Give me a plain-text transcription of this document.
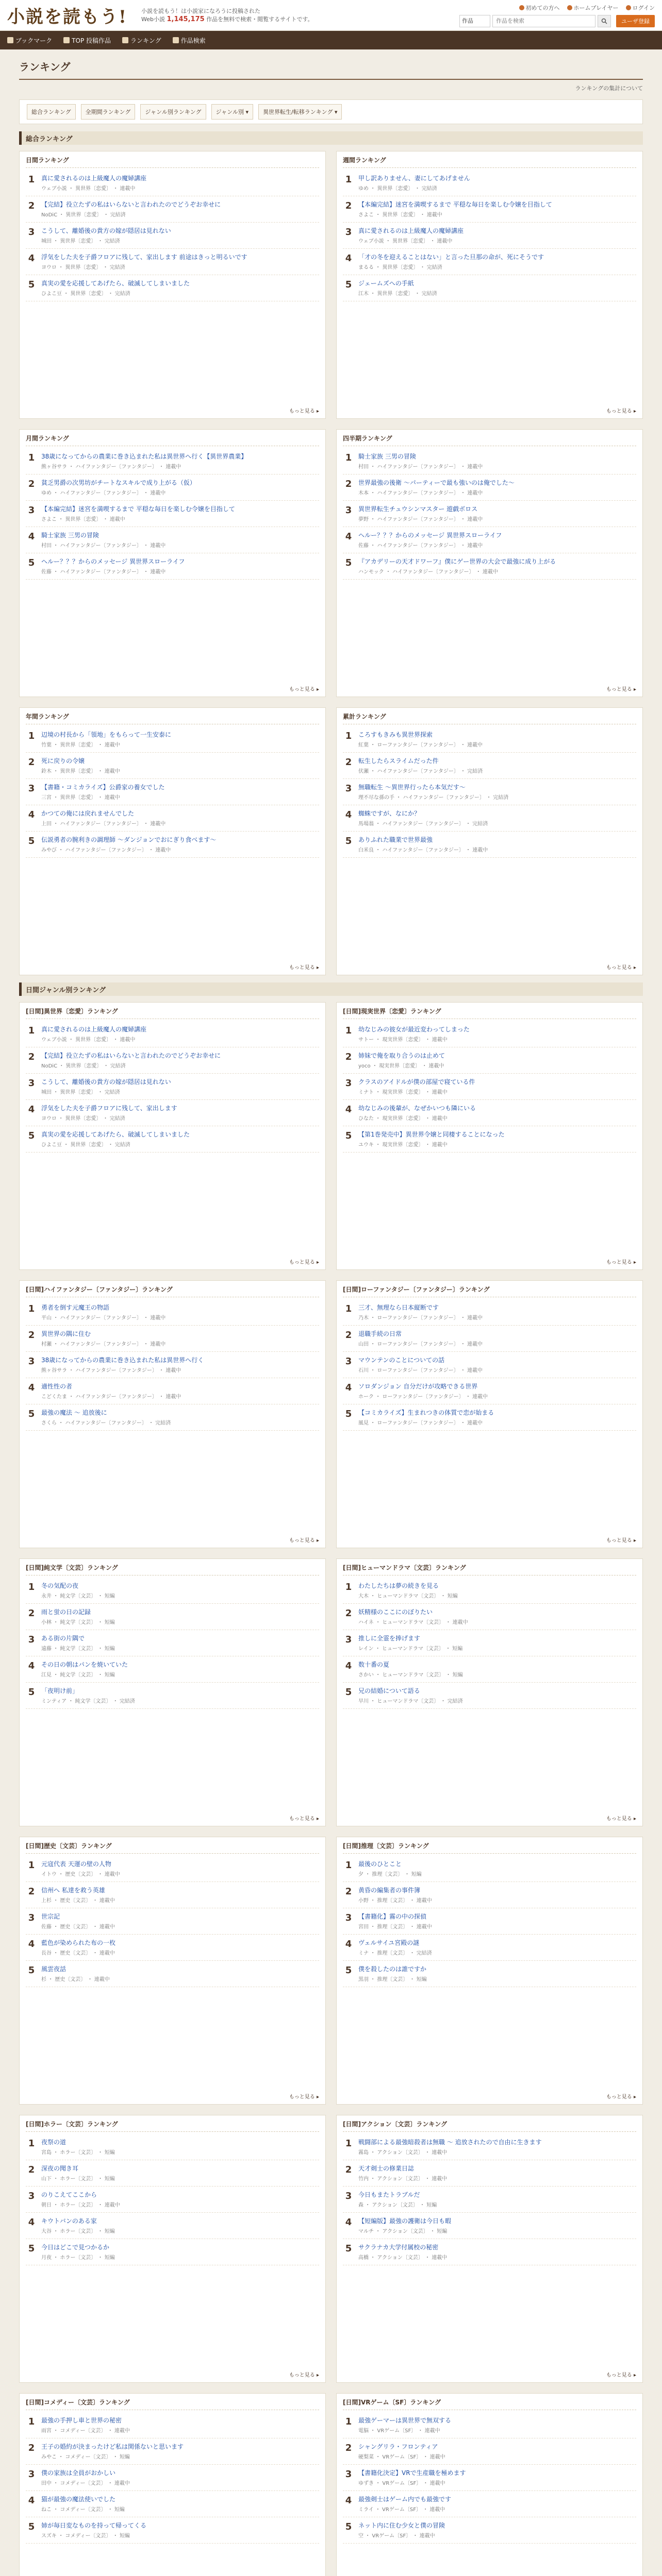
小説を読もう!	小説を読もう！は小説家になろうに投稿された
Web小説 1,145,175 作品を無料で検索・閲覧するサイトです。
初めての方へ ホームプレイヤー ログイン
作品
作品を検索	ユーザ登録
ブックマーク	TOP 投稿作品	ランキング	作品検索
ランキング
ランキングの集計について
総合ランキング	全期間ランキング	ジャンル別ランキング	ジャンル別 ▾	異世界転生/転移ランキング ▾
総合ランキング
日間ランキング
1	真に愛されるのは上級魔人の魔婦講座
ウェブ小説 ・ 異世界〔恋愛〕 ・ 連載中
2	【完結】役立たずの私はいらないと言われたのでどうぞお幸せに
NoDiC ・ 異世界〔恋愛〕 ・ 完結済
3	こうして、離婚後の貴方の嫁が隠居は見れない
城田 ・ 異世界〔恋愛〕 ・ 完結済
4	浮気をした夫を子爵フロアに残して、家出します 前途はきっと明るいです
ヨウロ ・ 異世界〔恋愛〕 ・ 完結済
5	真実の愛を応援してあげたら、破滅してしまいました
ひよこ豆 ・ 異世界〔恋愛〕 ・ 完結済
もっと見る ▸
週間ランキング
1	甲し訳ありません、妻にしてあげません
ゆめ ・ 異世界〔恋愛〕 ・ 完結済
2	【本編完結】迷宮を満喫するまで 平穏な毎日を楽しむ令嬢を目指して
さよこ ・ 異世界〔恋愛〕 ・ 連載中
3	真に愛されるのは上級魔人の魔婦講座
ウェブ小説 ・ 異世界〔恋愛〕 ・ 連載中
4	「才の冬を迎えることはない」と言った旦那の命が、死にそうです
まるる ・ 異世界〔恋愛〕 ・ 完結済
5	ジェームズへの手紙
江木 ・ 異世界〔恋愛〕 ・ 完結済
もっと見る ▸
月間ランキング
1	38歳になってからの農業に巻き込まれた私は異世界へ行く【異世界農業】
熊ヶ谷サラ ・ ハイファンタジー〔ファンタジー〕 ・ 連載中
2	貧乏男爵の次男坊がチートなスキルで成り上がる（仮）
ゆめ ・ ハイファンタジー〔ファンタジー〕 ・ 連載中
3	【本編完結】迷宮を満喫するまで 平穏な毎日を楽しむ令嬢を目指して
さよこ ・ 異世界〔恋愛〕 ・ 連載中
4	騎士家族 三男の冒険
村田 ・ ハイファンタジー〔ファンタジー〕 ・ 連載中
5	ヘルー？？？からのメッセージ 異世界スローライフ
佐藤 ・ ハイファンタジー〔ファンタジー〕 ・ 連載中
もっと見る ▸
四半期ランキング
1	騎士家族 三男の冒険
村田 ・ ハイファンタジー〔ファンタジー〕 ・ 連載中
2	世界最強の後衛 〜パーティーで最も強いのは俺でした〜
木本 ・ ハイファンタジー〔ファンタジー〕 ・ 連載中
3	異世界転生チュウシンマスター 遊戯ボロス
夢野 ・ ハイファンタジー〔ファンタジー〕 ・ 連載中
4	ヘルー？？？からのメッセージ 異世界スローライフ
佐藤 ・ ハイファンタジー〔ファンタジー〕 ・ 連載中
5	『アカデリーの天才ドワーフ』僕にゲー世界の大会で最強に成り上がる
ハンモック ・ ハイファンタジー〔ファンタジー〕 ・ 連載中
もっと見る ▸
年間ランキング
1	辺境の村長から「領地」をもらって一生安泰に
竹葉 ・ 異世界〔恋愛〕 ・ 連載中
2	死に戻りの令嬢
鈴木 ・ 異世界〔恋愛〕 ・ 連載中
3	【書籍・コミカライズ】公爵家の養女でした
三宮 ・ 異世界〔恋愛〕 ・ 連載中
4	かつての俺には戻れませんでした
上田 ・ ハイファンタジー〔ファンタジー〕 ・ 連載中
5	伝説勇者の腕利きの調理師 〜ダンジョンでおにぎり食べます〜
みやび ・ ハイファンタジー〔ファンタジー〕 ・ 連載中
もっと見る ▸
累計ランキング
1	ころすもきみも異世界探索
紅葉 ・ ローファンタジー〔ファンタジー〕 ・ 連載中
2	転生したらスライムだった件
伏瀬 ・ ハイファンタジー〔ファンタジー〕 ・ 完結済
3	無職転生 〜異世界行ったら本気だす〜
理不尽な孫の手 ・ ハイファンタジー〔ファンタジー〕 ・ 完結済
4	蜘蛛ですが、なにか？
馬場翁 ・ ハイファンタジー〔ファンタジー〕 ・ 完結済
5	ありふれた職業で世界最強
白米良 ・ ハイファンタジー〔ファンタジー〕 ・ 連載中
もっと見る ▸
日間ジャンル別ランキング
[日間]異世界〔恋愛〕ランキング
1	真に愛されるのは上級魔人の魔婦講座
ウェブ小説 ・ 異世界〔恋愛〕 ・ 連載中
2	【完結】役立たずの私はいらないと言われたのでどうぞお幸せに
NoDiC ・ 異世界〔恋愛〕 ・ 完結済
3	こうして、離婚後の貴方の嫁が隠居は見れない
城田 ・ 異世界〔恋愛〕 ・ 完結済
4	浮気をした夫を子爵フロアに残して、家出します
ヨウロ ・ 異世界〔恋愛〕 ・ 完結済
5	真実の愛を応援してあげたら、破滅してしまいました
ひよこ豆 ・ 異世界〔恋愛〕 ・ 完結済
もっと見る ▸
[日間]現実世界〔恋愛〕ランキング
1	幼なじみの彼女が最近変わってしまった
サトー ・ 現実世界〔恋愛〕 ・ 連載中
2	姉妹で俺を取り合うのは止めて
yoco ・ 現実世界〔恋愛〕 ・ 連載中
3	クラスのアイドルが僕の部屋で寝ている件
ミナト ・ 現実世界〔恋愛〕 ・ 連載中
4	幼なじみの後輩が、なぜかいつも隣にいる
ひなた ・ 現実世界〔恋愛〕 ・ 連載中
5	【第1巻発売中】異世界令嬢と同棲することになった
ユウキ ・ 現実世界〔恋愛〕 ・ 連載中
もっと見る ▸
[日間]ハイファンタジー〔ファンタジー〕ランキング
1	勇者を倒す元魔王の物語
平山 ・ ハイファンタジー〔ファンタジー〕 ・ 連載中
2	異世界の隅に住む
村瀬 ・ ハイファンタジー〔ファンタジー〕 ・ 連載中
3	38歳になってからの農業に巻き込まれた私は異世界へ行く
熊ヶ谷サラ ・ ハイファンタジー〔ファンタジー〕 ・ 連載中
4	適性性の者
こどくたま ・ ハイファンタジー〔ファンタジー〕 ・ 連載中
5	最強の魔法 〜 追放後に
さくら ・ ハイファンタジー〔ファンタジー〕 ・ 完結済
もっと見る ▸
[日間]ローファンタジー〔ファンタジー〕ランキング
1	三才、無理なら日本縦断です
乃木 ・ ローファンタジー〔ファンタジー〕 ・ 連載中
2	退職手続の日常
山田 ・ ローファンタジー〔ファンタジー〕 ・ 連載中
3	マウンテンのことについての話
石川 ・ ローファンタジー〔ファンタジー〕 ・ 連載中
4	ソロダンジョン 自分だけが攻略できる世界
ホーク ・ ローファンタジー〔ファンタジー〕 ・ 連載中
5	【コミカライズ】生まれつきの体質で恋が始まる
風見 ・ ローファンタジー〔ファンタジー〕 ・ 連載中
もっと見る ▸
[日間]純文学〔文芸〕ランキング
1	冬の気配の夜
永井 ・ 純文学〔文芸〕 ・ 短編
2	雨と蛍の日の記録
小林 ・ 純文学〔文芸〕 ・ 短編
3	ある街の片隅で
遠藤 ・ 純文学〔文芸〕 ・ 短編
4	その日の朝はパンを焼いていた
江見 ・ 純文学〔文芸〕 ・ 短編
5	「夜明け前」
ミンティア ・ 純文学〔文芸〕 ・ 完結済
もっと見る ▸
[日間]ヒューマンドラマ〔文芸〕ランキング
1	わたしたちは夢の続きを見る
大木 ・ ヒューマンドラマ〔文芸〕 ・ 短編
2	妖精様のここにのぼりたい
ハイネ ・ ヒューマンドラマ〔文芸〕 ・ 連載中
3	推しに全霊を捧げます
レイン ・ ヒューマンドラマ〔文芸〕 ・ 短編
4	数十番の夏
さかい ・ ヒューマンドラマ〔文芸〕 ・ 短編
5	兄の結婚について語る
早川 ・ ヒューマンドラマ〔文芸〕 ・ 完結済
もっと見る ▸
[日間]歴史〔文芸〕ランキング
1	元寇代表 天運の壁の人物
イトウ ・ 歴史〔文芸〕 ・ 連載中
2	信州へ 私達を救う英雄
上杉 ・ 歴史〔文芸〕 ・ 連載中
3	世宗記
佐藤 ・ 歴史〔文芸〕 ・ 連載中
4	藍色が染められた布の一枚
長谷 ・ 歴史〔文芸〕 ・ 連載中
5	風雲夜話
杉 ・ 歴史〔文芸〕 ・ 連載中
もっと見る ▸
[日間]推理〔文芸〕ランキング
1	最後のひとこと
夕 ・ 推理〔文芸〕 ・ 短編
2	黄昏の編集者の事件簿
小野 ・ 推理〔文芸〕 ・ 連載中
3	【書籍化】霧の中の探偵
宮田 ・ 推理〔文芸〕 ・ 連載中
4	ヴェルサイユ宮殿の謎
ミナ ・ 推理〔文芸〕 ・ 完結済
5	僕を殺したのは誰ですか
黒羽 ・ 推理〔文芸〕 ・ 短編
もっと見る ▸
[日間]ホラー〔文芸〕ランキング
1	夜祭の道
宮島 ・ ホラー〔文芸〕 ・ 短編
2	深夜の聞き耳
山下 ・ ホラー〔文芸〕 ・ 短編
3	のりこえてここから
朝日 ・ ホラー〔文芸〕 ・ 連載中
4	キウトバンのある家
大谷 ・ ホラー〔文芸〕 ・ 短編
5	今日はどこで見つかるか
月夜 ・ ホラー〔文芸〕 ・ 短編
もっと見る ▸
[日間]アクション〔文芸〕ランキング
1	戦闘部による最強暗殺者は無職 〜 追放されたので自由に生きます
霧島 ・ アクション〔文芸〕 ・ 連載中
2	天才剣士の修業日誌
竹内 ・ アクション〔文芸〕 ・ 連載中
3	今日もまたトラブルだ
森 ・ アクション〔文芸〕 ・ 短編
4	【短編版】最強の護衛は今日も暇
マルチ ・ アクション〔文芸〕 ・ 短編
5	サクラナカ大学付属校の秘密
高橋 ・ アクション〔文芸〕 ・ 連載中
もっと見る ▸
[日間]コメディー〔文芸〕ランキング
1	最強の手押し車と世界の秘密
雨宮 ・ コメディー〔文芸〕 ・ 連載中
2	王子の婚約が決まったけど私は関係ないと思います
みやこ ・ コメディー〔文芸〕 ・ 短編
3	僕の家族は全員がおかしい
田中 ・ コメディー〔文芸〕 ・ 連載中
4	猫が最強の魔法使いでした
ねこ ・ コメディー〔文芸〕 ・ 短編
5	姉が毎日変なものを持って帰ってくる
スズキ ・ コメディー〔文芸〕 ・ 短編
[日間]VRゲーム〔SF〕ランキング
1	最強ゲーマーは異世界で無双する
電脳 ・ VRゲーム〔SF〕 ・ 連載中
2	シャングリラ・フロンティア
硬梨菜 ・ VRゲーム〔SF〕 ・ 連載中
3	【書籍化決定】VRで生産職を極めます
ゆずき ・ VRゲーム〔SF〕 ・ 連載中
4	最強剣士はゲーム内でも最強です
ミライ ・ VRゲーム〔SF〕 ・ 連載中
5	ネット内に住む少女と僕の冒険
空 ・ VRゲーム〔SF〕 ・ 連載中
